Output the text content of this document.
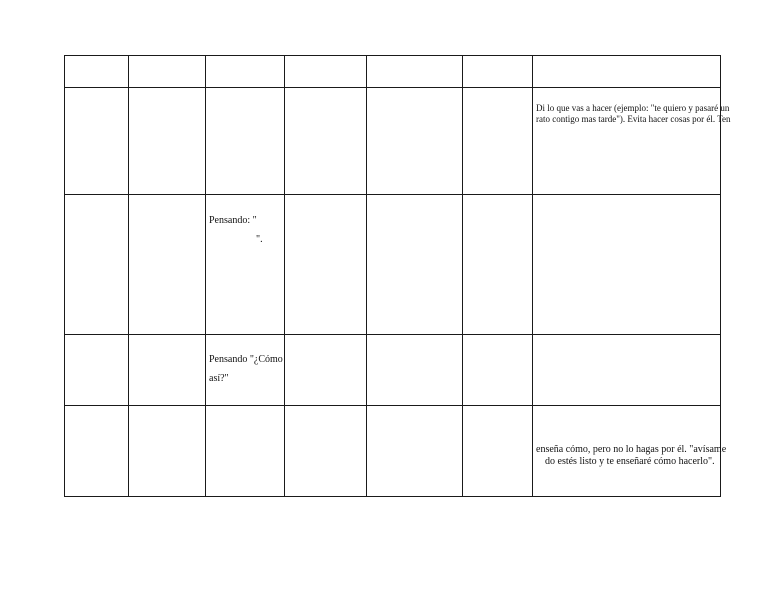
						Di lo que vas a hacer (ejemplo: "te quiero y pasaré un
rato contigo mas tarde"). Evita hacer cosas por él. Ten

		Pensando: "
".				

		Pensando "¿Cómo
así?"				

						enseña cómo, pero no lo hagas por él. "avísame
do estés listo y te enseñaré cómo hacerlo".
